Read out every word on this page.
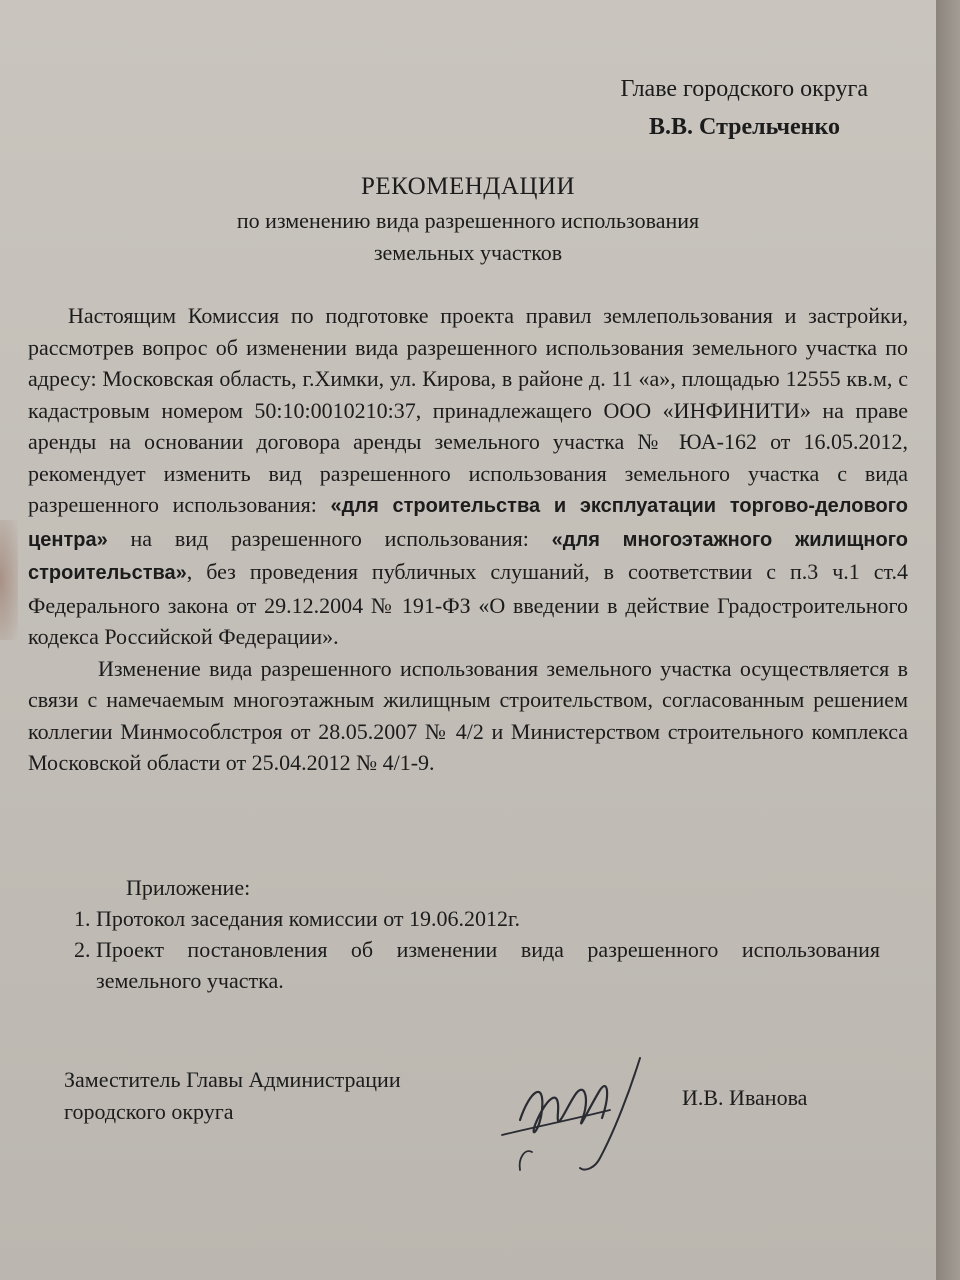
Главе городского округа
В.В. Стрельченко
РЕКОМЕНДАЦИИ
по изменению вида разрешенного использования
земельных участков

Настоящим Комиссия по подготовке проекта правил землепользования и застройки, рассмотрев вопрос об изменении вида разрешенного использования земельного участка по адресу: Московская область, г.Химки, ул. Кирова, в районе д. 11 «а», площадью 12555 кв.м, с кадастровым номером 50:10:0010210:37, принадлежащего ООО «ИНФИНИТИ» на праве аренды на основании договора аренды земельного участка № ЮА-162 от 16.05.2012, рекомендует изменить вид разрешенного использования земельного участка с вида разрешенного использования: «для строительства и эксплуатации торгово-делового центра» на вид разрешенного использования: «для многоэтажного жилищного строительства», без проведения публичных слушаний, в соответствии с п.3 ч.1 ст.4 Федерального закона от 29.12.2004 № 191-ФЗ «О введении в действие Градостроительного кодекса Российской Федерации».

Изменение вида разрешенного использования земельного участка осуществляется в связи с намечаемым многоэтажным жилищным строительством, согласованным решением коллегии Минмособлстроя от 28.05.2007 № 4/2 и Министерством строительного комплекса Московской области от 25.04.2012 № 4/1-9.

Приложение:
1. Протокол заседания комиссии от 19.06.2012г.
2. Проект постановления об изменении вида разрешенного использования земельного участка.
Заместитель Главы Администрации
городского округа
И.В. Иванова
